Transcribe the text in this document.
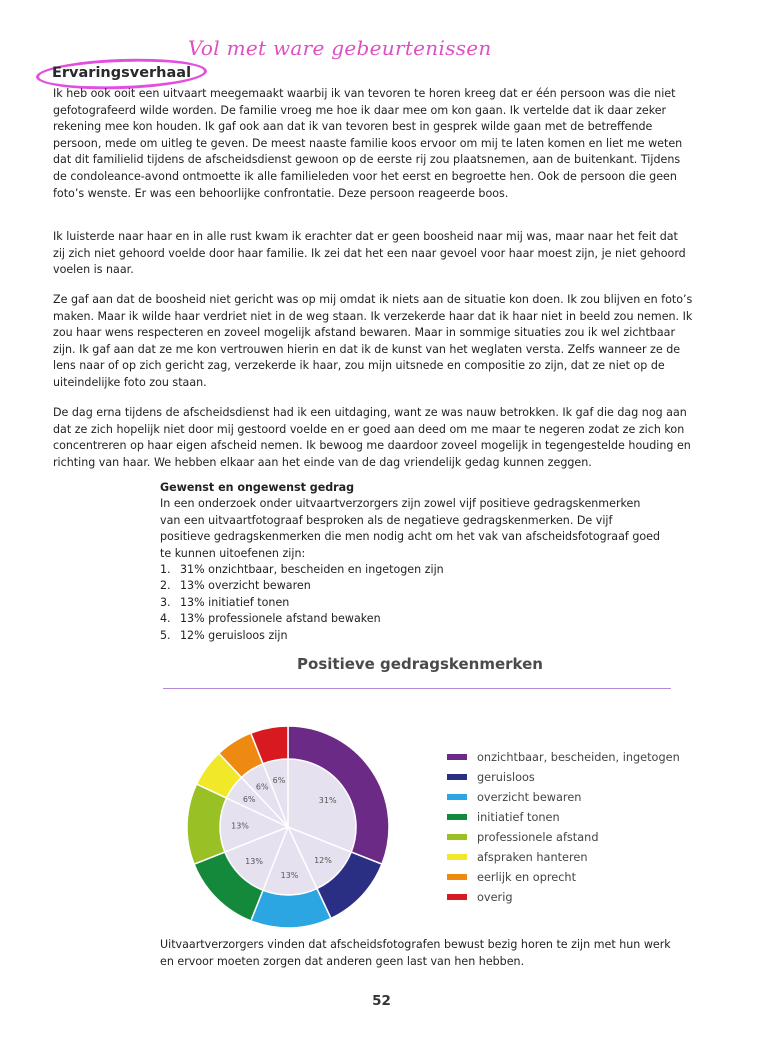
Vol met ware gebeurtenissen
Ervaringsverhaal

Ik heb ook ooit een uitvaart meegemaakt waarbij ik van tevoren te horen kreeg dat er één persoon was die niet gefotografeerd wilde worden. De familie vroeg me hoe ik daar mee om kon gaan. Ik vertelde dat ik daar zeker rekening mee kon houden. Ik gaf ook aan dat ik van tevoren best in gesprek wilde gaan met de betreffende persoon, mede om uitleg te geven. De meest naaste familie koos ervoor om mij te laten komen en liet me weten dat dit familielid tijdens de afscheidsdienst gewoon op de eerste rij zou plaatsnemen, aan de buitenkant. Tijdens de condoleance-avond ontmoette ik alle familieleden voor het eerst en begroette hen. Ook de persoon die geen foto’s wenste. Er was een behoorlijke confrontatie. Deze persoon reageerde boos.

Ik luisterde naar haar en in alle rust kwam ik erachter dat er geen boosheid naar mij was, maar naar het feit dat zij zich niet gehoord voelde door haar familie. Ik zei dat het een naar gevoel voor haar moest zijn, je niet gehoord voelen is naar.

Ze gaf aan dat de boosheid niet gericht was op mij omdat ik niets aan de situatie kon doen. Ik zou blijven en foto’s maken. Maar ik wilde haar verdriet niet in de weg staan. Ik verzekerde haar dat ik haar niet in beeld zou nemen. Ik zou haar wens respecteren en zoveel mogelijk afstand bewaren. Maar in sommige situaties zou ik wel zichtbaar zijn. Ik gaf aan dat ze me kon vertrouwen hierin en dat ik de kunst van het weglaten versta. Zelfs wanneer ze de lens naar of op zich gericht zag, verzekerde ik haar, zou mijn uitsnede en compositie zo zijn, dat ze niet op de uiteindelijke foto zou staan.

De dag erna tijdens de afscheidsdienst had ik een uitdaging, want ze was nauw betrokken. Ik gaf die dag nog aan dat ze zich hopelijk niet door mij gestoord voelde en er goed aan deed om me maar te negeren zodat ze zich kon concentreren op haar eigen afscheid nemen. Ik bewoog me daardoor zoveel mogelijk in tegengestelde houding en richting van haar. We hebben elkaar aan het einde van de dag vriendelijk gedag kunnen zeggen.

Gewenst en ongewenst gedrag

In een onderzoek onder uitvaartverzorgers zijn zowel vijf positieve gedragskenmerken van een uitvaartfotograaf besproken als de negatieve gedragskenmerken. De vijf positieve gedragskenmerken die men nodig acht om het vak van afscheidsfotograaf goed te kunnen uitoefenen zijn:

1. 31% onzichtbaar, bescheiden en ingetogen zijn
2. 13% overzicht bewaren
3. 13% initiatief tonen
4. 13% professionele afstand bewaken
5. 12% geruisloos zijn
Positieve gedragskenmerken
31%
12%
13%
13%
13%
6%
6%
6%
onzichtbaar, bescheiden, ingetogen
geruisloos
overzicht bewaren
initiatief tonen
professionele afstand
afspraken hanteren
eerlijk en oprecht
overig

Uitvaartverzorgers vinden dat afscheidsfotografen bewust bezig horen te zijn met hun werk en ervoor moeten zorgen dat anderen geen last van hen hebben.

52
